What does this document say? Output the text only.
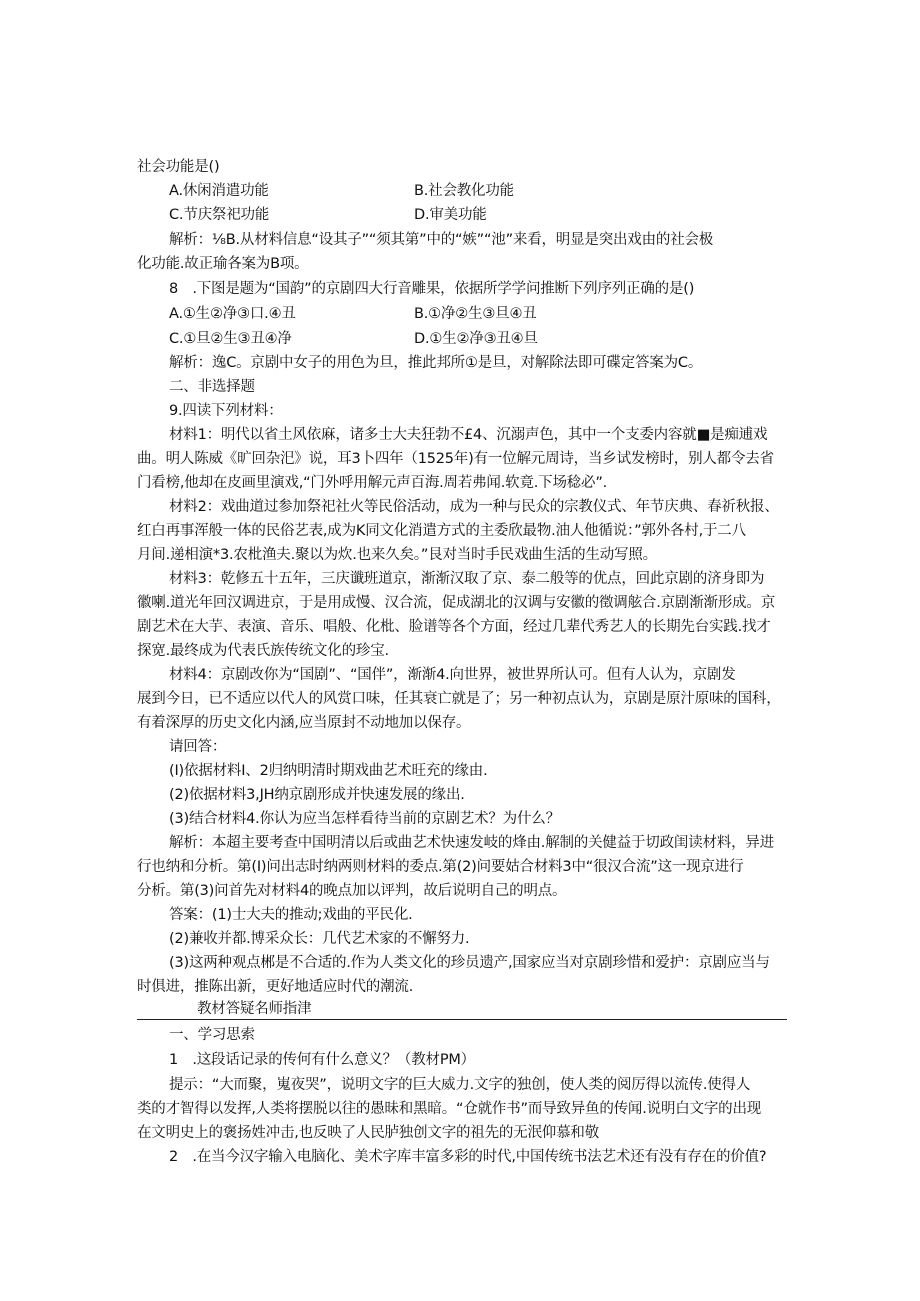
社会功能是()
A.休闲消遣功能	B.社会教化功能
C.节庆祭祀功能	D.审美功能
解析：⅛B.从材料信息“设其子”“须其第”中的“嫉”“池”来看，明显是突出戏由的社会极
化功能.故正瑜各案为B项。
8　.下图是题为“国韵”的京剧四大行音雕果，依据所学学问推断下列序列正确的是()
A.①生②净③口.④丑	B.①净②生③旦④丑
C.①旦②生③丑④净	D.①生②净③丑④旦
解析：逸C。京剧中女子的用色为旦，推此邦所①是旦，对解除法即可碟定答案为C。
二、非选择题
9.四读下列材料：
材料1：明代以省土风依麻，诸多士大夫狂勃不£4、沉溺声色，其中一个支委内容就■是痴逋戏
曲。明人陈威《旷回杂汜》说，耳3卜四年（1525年)有一位解元周诗，当乡试发榜时，别人都令去省
门看榜,他却在皮画里演戏,“门外呼用解元声百海.周若弗闻.软竟.下场稔必”.
材料2：戏曲道过参加祭祀社火等民俗活动，成为一种与民众的宗教仪式、年节庆典、春祈秋报、
红白再事浑般一体的民俗艺表,成为K同文化消遣方式的主委欣最物.油人他循说：”郭外各村,于二八
月间.递相演*3.农枇渔夫.聚以为炊.也来久矣。”艮对当时手民戏曲生活的生动写照。
材料3：乾修五十五年，三庆谶班道京，渐渐汉取了京、泰二般等的优点，回此京剧的济身即为
徽喇.道光年回汉调进京，于是用成慢、汉合流，促成湖北的汉调与安徽的徵调舷合.京剧渐渐形成。京
剧艺术在大芋、表演、音乐、唱般、化枇、脸谱等各个方面，经过几辈代秀艺人的长期先台实践.找才
探宽.最终成为代表氏族传统文化的珍宝.
材料4：京剧改你为“国剧”、“国伴”，渐渐4.向世界，被世界所认可。但有人认为，京剧发
展到今日，已不适应以代人的风赏口味，任其衰亡就是了；另一种初点认为，京剧是原汁原味的国科，
有着深厚的历史文化内涵,应当原封不动地加以保存。
请回答：
(I)依据材料I、2归纳明清时期戏曲艺术旺充的缘由.
(2)依据材料3,JH纳京剧形成并快速发展的缘出.
(3)结合材料4.你认为应当怎样看待当前的京剧艺术？为什么？
解析：本超主要考查中国明清以后或曲艺术快速发岐的烽由.解制的关健益于切政闺读材料，异进
行也纳和分析。第(I)问出志时纳两则材料的委点.第(2)问要姑合材料3中“很汉合流”这一现京进行
分析。第(3)问首先对材料4的晚点加以评判，故后说明自己的明点。
答案：(1)士大夫的推动;戏曲的平民化.
(2)兼收并都.博采众长：几代艺术家的不懈努力.
(3)这两种观点郴是不合适的.作为人类文化的珍员遗产,国家应当对京剧珍惜和爱护：京剧应当与
时俱进，推陈出新，更好地适应时代的潮流.
教材答疑名师指津
一、学习思索
1　.这段话记录的传何有什么意义？（教材PM）
提示：“大而聚，嵬夜哭”，说明文字的巨大威力.文字的独创，使人类的阅厉得以流传.使得人
类的才智得以发挥,人类将摆脱以往的愚昧和黑暗。“仓就作书”而导致异鱼的传闻.说明白文字的出现
在文明史上的褒扬姓冲击,也反映了人民胪独创文字的祖先的无泯仰慕和敬
2　.在当今汉字输入电脑化、美术字库丰富多彩的时代,中国传统书法艺术还有没有存在的价值?
